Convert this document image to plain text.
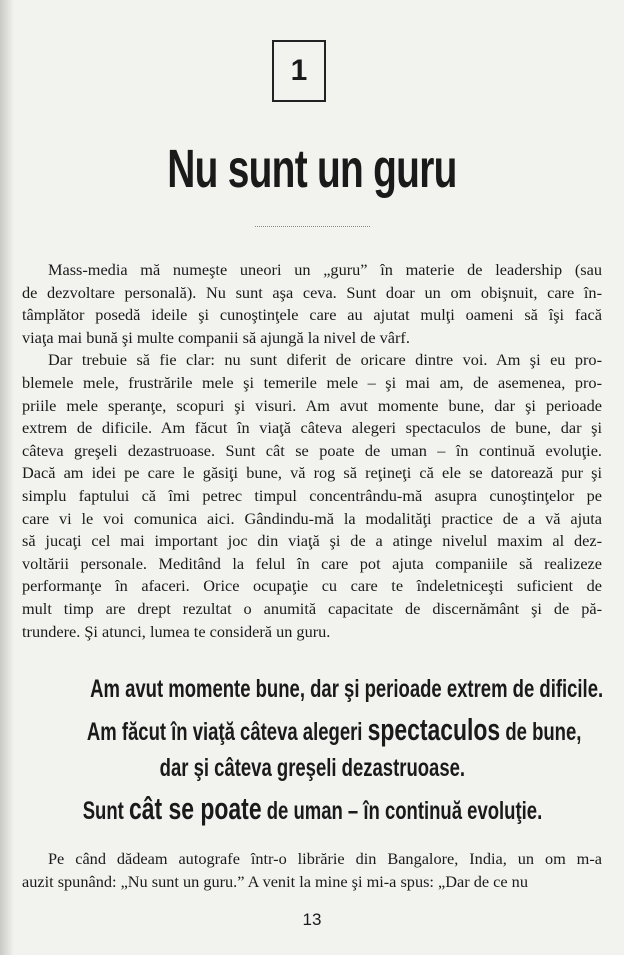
1
Nu sunt un guru
Mass-media mă numeşte uneori un „guru” în materie de leadership (sau
de dezvoltare personală). Nu sunt aşa ceva. Sunt doar un om obişnuit, care în-
tâmplător posedă ideile şi cunoştinţele care au ajutat mulţi oameni să îşi facă
viaţa mai bună şi multe companii să ajungă la nivel de vârf.
Dar trebuie să fie clar: nu sunt diferit de oricare dintre voi. Am şi eu pro-
blemele mele, frustrările mele şi temerile mele – şi mai am, de asemenea, pro-
priile mele speranţe, scopuri şi visuri. Am avut momente bune, dar şi perioade
extrem de dificile. Am făcut în viaţă câteva alegeri spectaculos de bune, dar şi
câteva greşeli dezastruoase. Sunt cât se poate de uman – în continuă evoluţie.
Dacă am idei pe care le găsiţi bune, vă rog să reţineţi că ele se datorează pur şi
simplu faptului că îmi petrec timpul concentrându-mă asupra cunoştinţelor pe
care vi le voi comunica aici. Gândindu-mă la modalităţi practice de a vă ajuta
să jucaţi cel mai important joc din viaţă şi de a atinge nivelul maxim al dez-
voltării personale. Meditând la felul în care pot ajuta companiile să realizeze
performanţe în afaceri. Orice ocupaţie cu care te îndeletniceşti suficient de
mult timp are drept rezultat o anumită capacitate de discernământ şi de pă-
trundere. Şi atunci, lumea te consideră un guru.
Am avut momente bune, dar şi perioade extrem de dificile.
Am făcut în viaţă câteva alegeri spectaculos de bune,
dar şi câteva greşeli dezastruoase.
Sunt cât se poate de uman – în continuă evoluţie.
Pe când dădeam autografe într-o librărie din Bangalore, India, un om m-a
auzit spunând: „Nu sunt un guru.” A venit la mine şi mi-a spus: „Dar de ce nu
13
